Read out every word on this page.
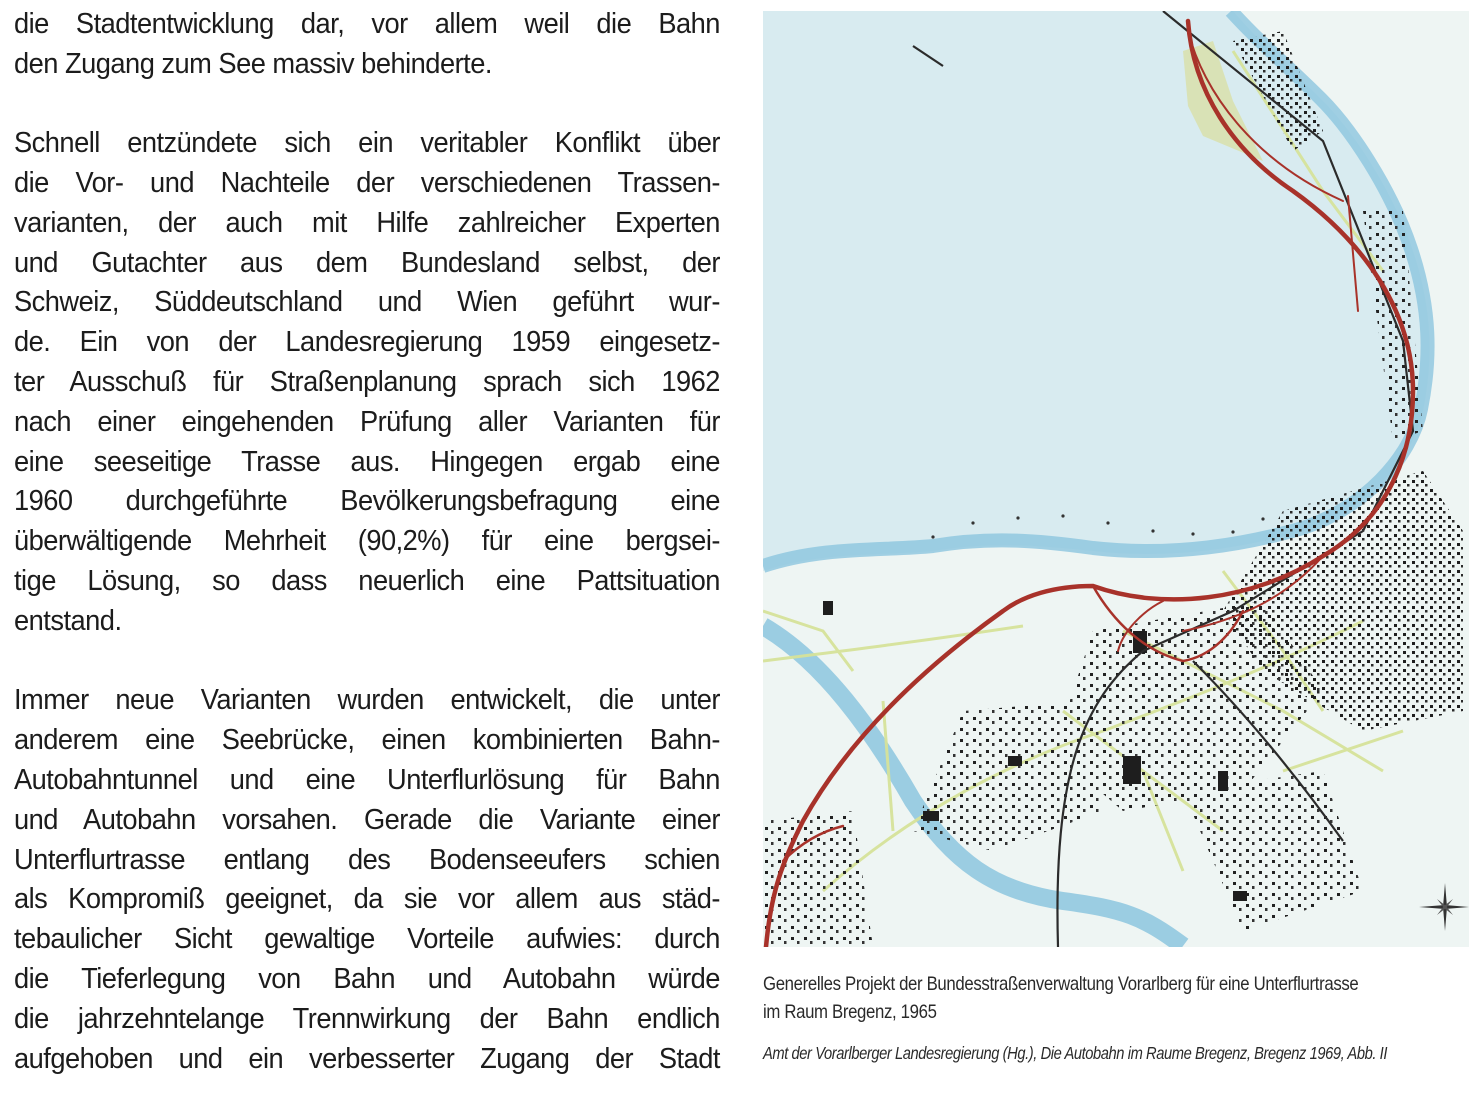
die Stadtentwicklung dar, vor allem weil die Bahn
den Zugang zum See massiv behinderte.
Schnell entzündete sich ein veritabler Konflikt über
die Vor- und Nachteile der verschiedenen Trassen-
varianten, der auch mit Hilfe zahlreicher Experten
und Gutachter aus dem Bundesland selbst, der
Schweiz, Süddeutschland und Wien geführt wur-
de. Ein von der Landesregierung 1959 eingesetz-
ter Ausschuß für Straßenplanung sprach sich 1962
nach einer eingehenden Prüfung aller Varianten für
eine seeseitige Trasse aus. Hingegen ergab eine
1960 durchgeführte Bevölkerungsbefragung eine
überwältigende Mehrheit (90,2%) für eine bergsei-
tige Lösung, so dass neuerlich eine Pattsituation
entstand.
Immer neue Varianten wurden entwickelt, die unter
anderem eine Seebrücke, einen kombinierten Bahn-
Autobahntunnel und eine Unterflurlösung für Bahn
und Autobahn vorsahen. Gerade die Variante einer
Unterflurtrasse entlang des Bodenseeufers schien
als Kompromiß geeignet, da sie vor allem aus städ-
tebaulicher Sicht gewaltige Vorteile aufwies: durch
die Tieferlegung von Bahn und Autobahn würde
die jahrzehntelange Trennwirkung der Bahn endlich
aufgehoben und ein verbesserter Zugang der Stadt
Generelles Projekt der Bundesstraßenverwaltung Vorarlberg für eine Unterflurtrasse
im Raum Bregenz, 1965
Amt der Vorarlberger Landesregierung (Hg.), Die Autobahn im Raume Bregenz, Bregenz 1969, Abb. II
